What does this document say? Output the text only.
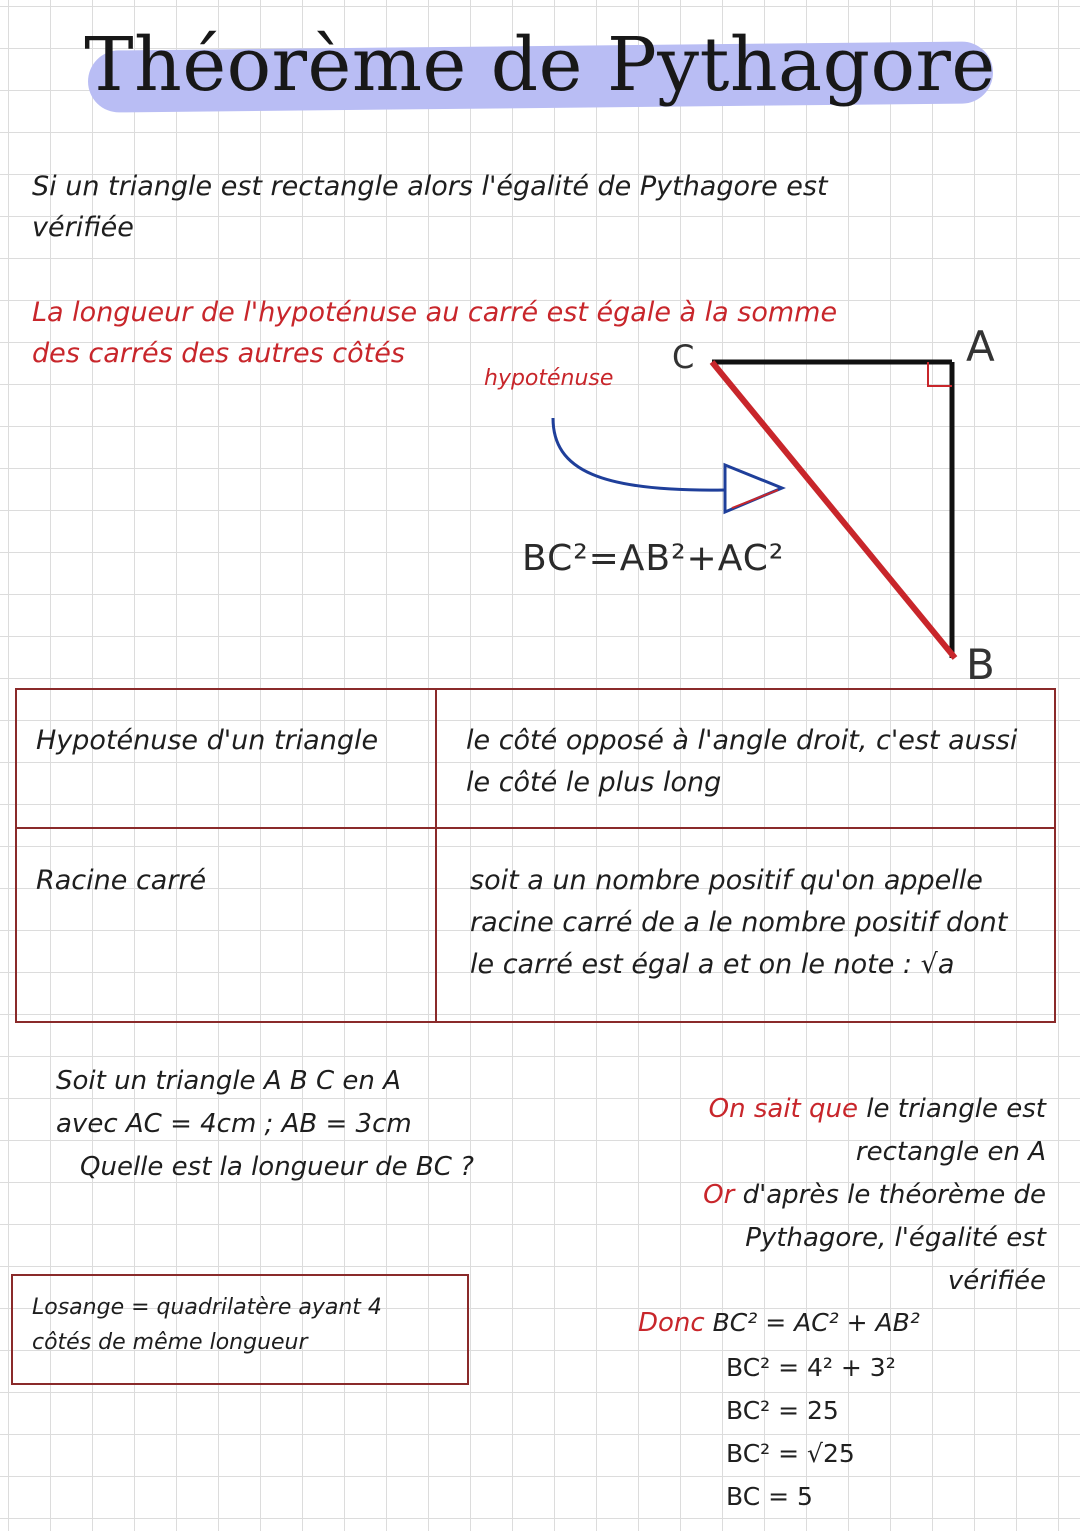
Théorème de Pythagore
Si un triangle est rectangle alors l'égalité de Pythagore est
vérifiée
La longueur de l'hypoténuse au carré est égale à la somme
des carrés des autres côtés	C	A
B
hypoténuse
BC²=AB²+AC²
Hypoténuse d'un triangle	le côté opposé à l'angle droit, c'est aussi
le côté le plus long
Racine carré	soit a un nombre positif qu'on appelle
racine carré de a le nombre positif dont
le carré est égal a et on le note : √a
Soit un triangle A B C en A
avec AC = 4cm ; AB = 3cm
Quelle est la longueur de BC ?
Losange = quadrilatère ayant 4
côtés de même longueur
On sait que le triangle est
rectangle en A
Or d'après le théorème de
Pythagore, l'égalité est
vérifiée
Donc BC² = AC² + AB²
BC² = 4² + 3²
BC² = 25
BC² = √25
BC = 5
